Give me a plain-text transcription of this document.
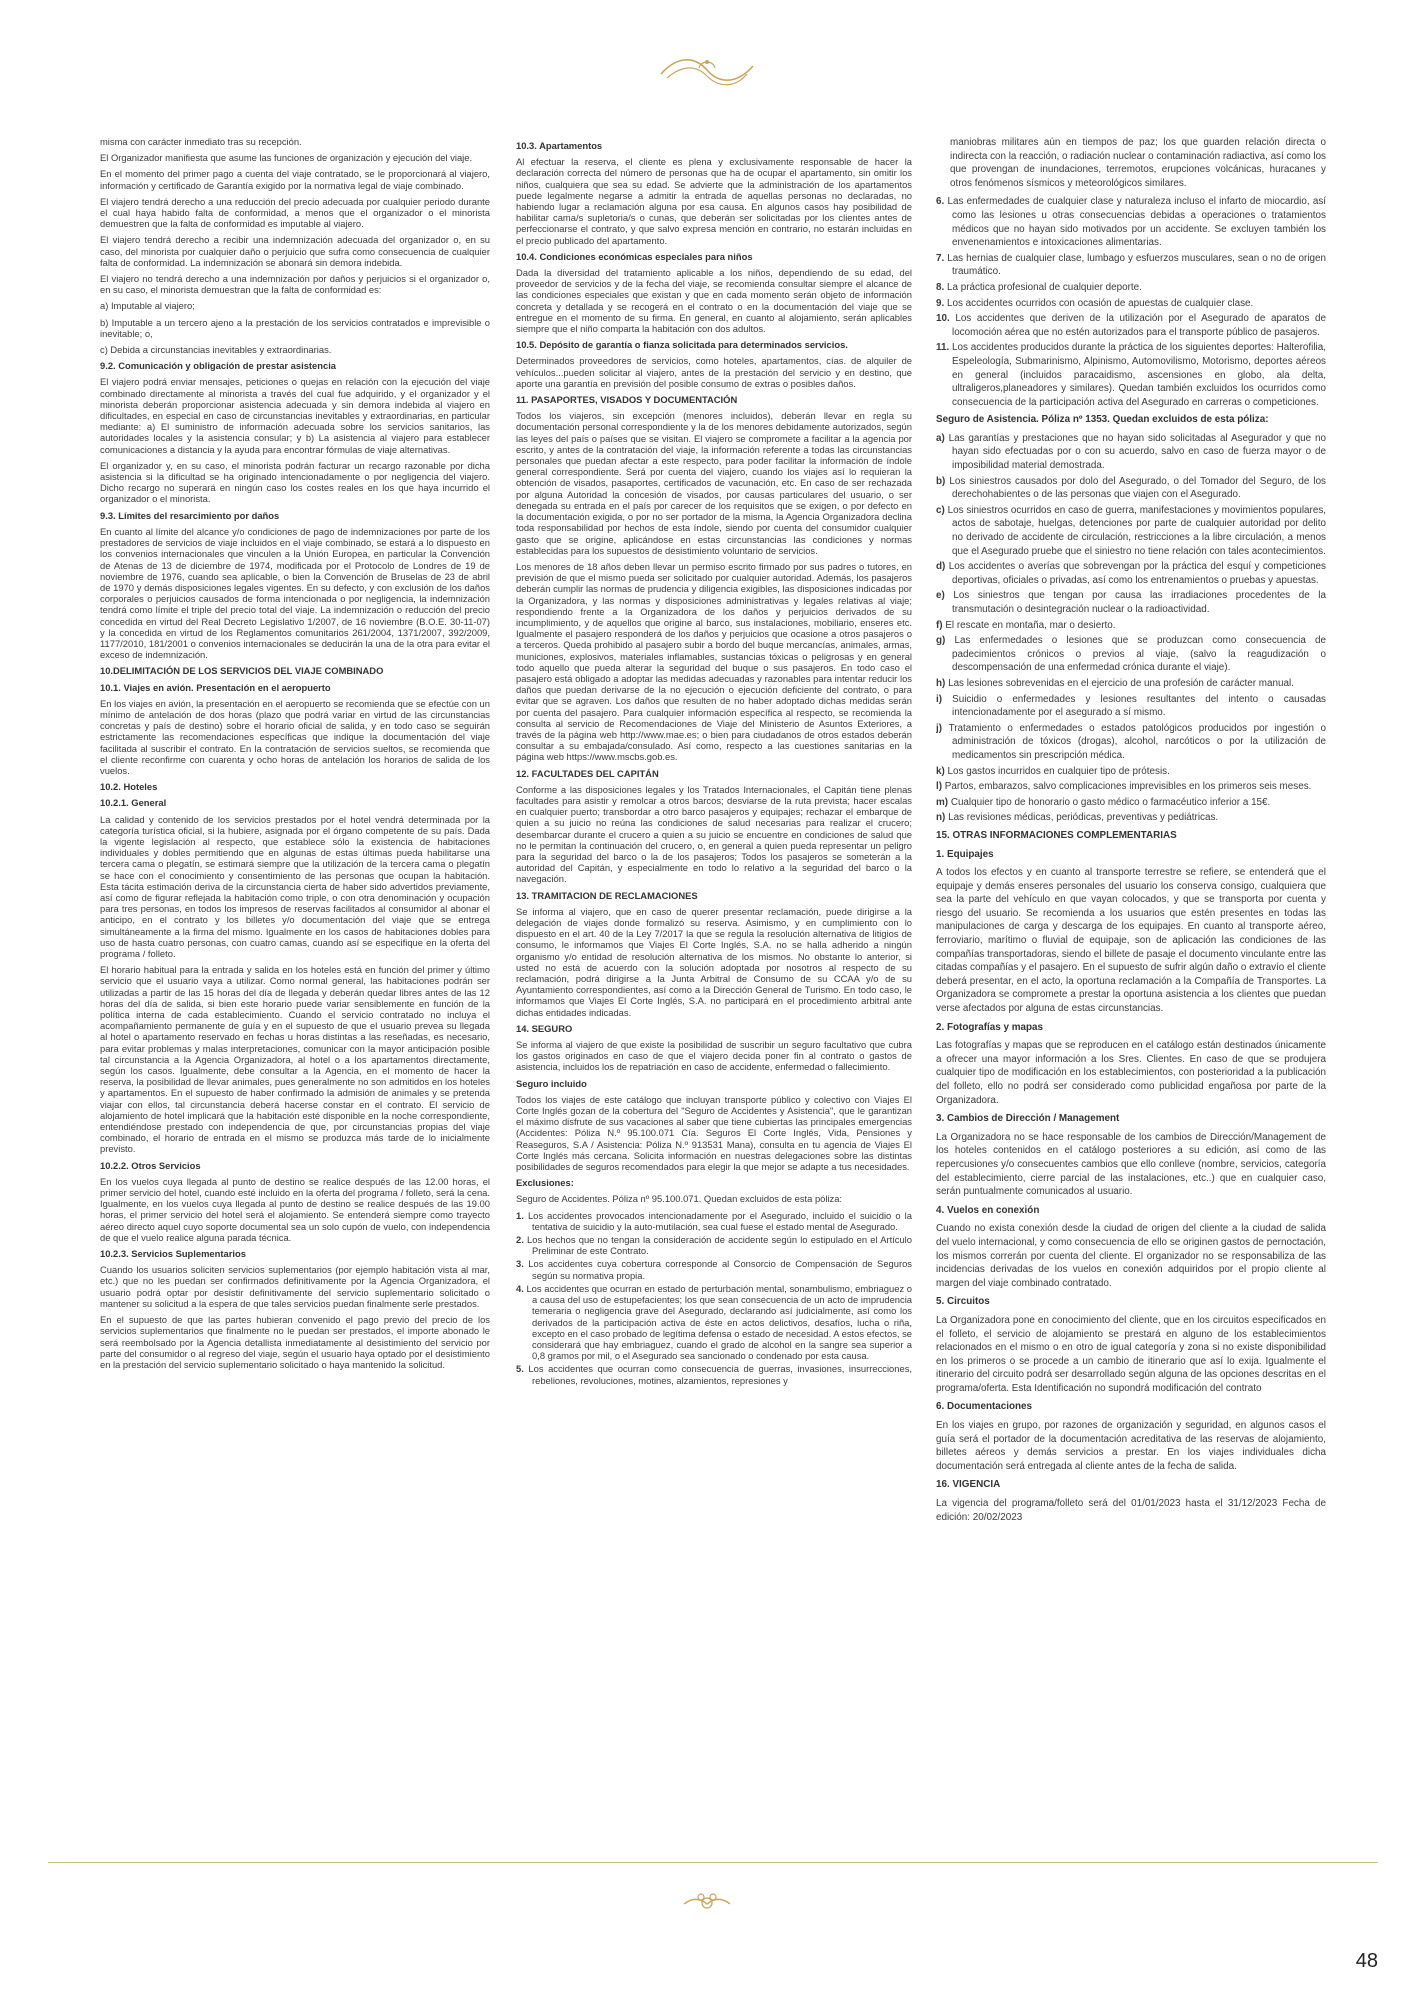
misma con carácter inmediato tras su recepción.

El Organizador manifiesta que asume las funciones de organización y ejecución del viaje.

En el momento del primer pago a cuenta del viaje contratado, se le proporcionará al viajero, información y certificado de Garantía exigido por la normativa legal de viaje combinado.

El viajero tendrá derecho a una reducción del precio adecuada por cualquier periodo durante el cual haya habido falta de conformidad, a menos que el organizador o el minorista demuestren que la falta de conformidad es imputable al viajero.

El viajero tendrá derecho a recibir una indemnización adecuada del organizador o, en su caso, del minorista por cualquier daño o perjuicio que sufra como consecuencia de cualquier falta de conformidad. La indemnización se abonará sin demora indebida.

El viajero no tendrá derecho a una indemnización por daños y perjuicios si el organizador o, en su caso, el minorista demuestran que la falta de conformidad es:

a) Imputable al viajero;

b) Imputable a un tercero ajeno a la prestación de los servicios contratados e imprevisible o inevitable; o,

c) Debida a circunstancias inevitables y extraordinarias.

9.2. Comunicación y obligación de prestar asistencia

El viajero podrá enviar mensajes, peticiones o quejas en relación con la ejecución del viaje combinado directamente al minorista a través del cual fue adquirido, y el organizador y el minorista deberán proporcionar asistencia adecuada y sin demora indebida al viajero en dificultades, en especial en caso de circunstancias inevitables y extraordinarias, en particular mediante: a) El suministro de información adecuada sobre los servicios sanitarios, las autoridades locales y la asistencia consular; y b) La asistencia al viajero para establecer comunicaciones a distancia y la ayuda para encontrar fórmulas de viaje alternativas.

El organizador y, en su caso, el minorista podrán facturar un recargo razonable por dicha asistencia si la dificultad se ha originado intencionadamente o por negligencia del viajero. Dicho recargo no superará en ningún caso los costes reales en los que haya incurrido el organizador o el minorista.

9.3. Límites del resarcimiento por daños

En cuanto al límite del alcance y/o condiciones de pago de indemnizaciones por parte de los prestadores de servicios de viaje incluidos en el viaje combinado, se estará a lo dispuesto en los convenios internacionales que vinculen a la Unión Europea, en particular la Convención de Atenas de 13 de diciembre de 1974, modificada por el Protocolo de Londres de 19 de noviembre de 1976, cuando sea aplicable, o bien la Convención de Bruselas de 23 de abril de 1970 y demás disposiciones legales vigentes. En su defecto, y con exclusión de los daños corporales o perjuicios causados de forma intencionada o por negligencia, la indemnización tendrá como límite el triple del precio total del viaje. La indemnización o reducción del precio concedida en virtud del Real Decreto Legislativo 1/2007, de 16 noviembre (B.O.E. 30-11-07) y la concedida en virtud de los Reglamentos comunitarios 261/2004, 1371/2007, 392/2009, 1177/2010, 181/2001 o convenios internacionales se deducirán la una de la otra para evitar el exceso de indemnización.

10.DELIMITACIÓN DE LOS SERVICIOS DEL VIAJE COMBINADO

10.1. Viajes en avión. Presentación en el aeropuerto

En los viajes en avión, la presentación en el aeropuerto se recomienda que se efectúe con un mínimo de antelación de dos horas (plazo que podrá variar en virtud de las circunstancias concretas y país de destino) sobre el horario oficial de salida, y en todo caso se seguirán estrictamente las recomendaciones específicas que indique la documentación del viaje facilitada al suscribir el contrato. En la contratación de servicios sueltos, se recomienda que el cliente reconfirme con cuarenta y ocho horas de antelación los horarios de salida de los vuelos.

10.2. Hoteles

10.2.1. General

La calidad y contenido de los servicios prestados por el hotel vendrá determinada por la categoría turística oficial, si la hubiere, asignada por el órgano competente de su país. Dada la vigente legislación al respecto, que establece sólo la existencia de habitaciones individuales y dobles permitiendo que en algunas de estas últimas pueda habilitarse una tercera cama o plegatín, se estimará siempre que la utilización de la tercera cama o plegatín se hace con el conocimiento y consentimiento de las personas que ocupan la habitación. Esta tácita estimación deriva de la circunstancia cierta de haber sido advertidos previamente, así como de figurar reflejada la habitación como triple, o con otra denominación y ocupación para tres personas, en todos los impresos de reservas facilitados al consumidor al abonar el anticipo, en el contrato y los billetes y/o documentación del viaje que se entrega simultáneamente a la firma del mismo. Igualmente en los casos de habitaciones dobles para uso de hasta cuatro personas, con cuatro camas, cuando así se especifique en la oferta del programa / folleto.

El horario habitual para la entrada y salida en los hoteles está en función del primer y último servicio que el usuario vaya a utilizar. Como normal general, las habitaciones podrán ser utilizadas a partir de las 15 horas del día de llegada y deberán quedar libres antes de las 12 horas del día de salida, si bien este horario puede variar sensiblemente en función de la política interna de cada establecimiento. Cuando el servicio contratado no incluya el acompañamiento permanente de guía y en el supuesto de que el usuario prevea su llegada al hotel o apartamento reservado en fechas u horas distintas a las reseñadas, es necesario, para evitar problemas y malas interpretaciones, comunicar con la mayor anticipación posible tal circunstancia a la Agencia Organizadora, al hotel o a los apartamentos directamente, según los casos. Igualmente, debe consultar a la Agencia, en el momento de hacer la reserva, la posibilidad de llevar animales, pues generalmente no son admitidos en los hoteles y apartamentos. En el supuesto de haber confirmado la admisión de animales y se pretenda viajar con ellos, tal circunstancia deberá hacerse constar en el contrato. El servicio de alojamiento de hotel implicará que la habitación esté disponible en la noche correspondiente, entendiéndose prestado con independencia de que, por circunstancias propias del viaje combinado, el horario de entrada en el mismo se produzca más tarde de lo inicialmente previsto.

10.2.2. Otros Servicios

En los vuelos cuya llegada al punto de destino se realice después de las 12.00 horas, el primer servicio del hotel, cuando esté incluido en la oferta del programa / folleto, será la cena. Igualmente, en los vuelos cuya llegada al punto de destino se realice después de las 19.00 horas, el primer servicio del hotel será el alojamiento. Se entenderá siempre como trayecto aéreo directo aquel cuyo soporte documental sea un solo cupón de vuelo, con independencia de que el vuelo realice alguna parada técnica.

10.2.3. Servicios Suplementarios

Cuando los usuarios soliciten servicios suplementarios (por ejemplo habitación vista al mar, etc.) que no les puedan ser confirmados definitivamente por la Agencia Organizadora, el usuario podrá optar por desistir definitivamente del servicio suplementario solicitado o mantener su solicitud a la espera de que tales servicios puedan finalmente serle prestados.

En el supuesto de que las partes hubieran convenido el pago previo del precio de los servicios suplementarios que finalmente no le puedan ser prestados, el importe abonado le será reembolsado por la Agencia detallista inmediatamente al desistimiento del servicio por parte del consumidor o al regreso del viaje, según el usuario haya optado por el desistimiento en la prestación del servicio suplementario solicitado o haya mantenido la solicitud.

10.3. Apartamentos

Al efectuar la reserva, el cliente es plena y exclusivamente responsable de hacer la declaración correcta del número de personas que ha de ocupar el apartamento, sin omitir los niños, cualquiera que sea su edad. Se advierte que la administración de los apartamentos puede legalmente negarse a admitir la entrada de aquellas personas no declaradas, no habiendo lugar a reclamación alguna por esa causa. En algunos casos hay posibilidad de habilitar cama/s supletoria/s o cunas, que deberán ser solicitadas por los clientes antes de perfeccionarse el contrato, y que salvo expresa mención en contrario, no estarán incluidas en el precio publicado del apartamento.

10.4. Condiciones económicas especiales para niños

Dada la diversidad del tratamiento aplicable a los niños, dependiendo de su edad, del proveedor de servicios y de la fecha del viaje, se recomienda consultar siempre el alcance de las condiciones especiales que existan y que en cada momento serán objeto de información concreta y detallada y se recogerá en el contrato o en la documentación del viaje que se entregue en el momento de su firma. En general, en cuanto al alojamiento, serán aplicables siempre que el niño comparta la habitación con dos adultos.

10.5. Depósito de garantía o fianza solicitada para determinados servicios.

Determinados proveedores de servicios, como hoteles, apartamentos, cías. de alquiler de vehículos...pueden solicitar al viajero, antes de la prestación del servicio y en destino, que aporte una garantía en previsión del posible consumo de extras o posibles daños.

11. PASAPORTES, VISADOS Y DOCUMENTACIÓN

Todos los viajeros, sin excepción (menores incluidos), deberán llevar en regla su documentación personal correspondiente y la de los menores debidamente autorizados, según las leyes del país o países que se visitan. El viajero se compromete a facilitar a la agencia por escrito, y antes de la contratación del viaje, la información referente a todas las circunstancias personales que puedan afectar a este respecto, para poder facilitar la información de índole general correspondiente. Será por cuenta del viajero, cuando los viajes así lo requieran la obtención de visados, pasaportes, certificados de vacunación, etc. En caso de ser rechazada por alguna Autoridad la concesión de visados, por causas particulares del usuario, o ser denegada su entrada en el país por carecer de los requisitos que se exigen, o por defecto en la documentación exigida, o por no ser portador de la misma, la Agencia Organizadora declina toda responsabilidad por hechos de esta índole, siendo por cuenta del consumidor cualquier gasto que se origine, aplicándose en estas circunstancias las condiciones y normas establecidas para los supuestos de desistimiento voluntario de servicios.

Los menores de 18 años deben llevar un permiso escrito firmado por sus padres o tutores, en previsión de que el mismo pueda ser solicitado por cualquier autoridad. Además, los pasajeros deberán cumplir las normas de prudencia y diligencia exigibles, las disposiciones indicadas por la Organizadora, y las normas y disposiciones administrativas y legales relativas al viaje; respondiendo frente a la Organizadora de los daños y perjuicios derivados de su incumplimiento, y de aquellos que origine al barco, sus instalaciones, mobiliario, enseres etc. Igualmente el pasajero responderá de los daños y perjuicios que ocasione a otros pasajeros o a terceros. Queda prohibido al pasajero subir a bordo del buque mercancías, animales, armas, municiones, explosivos, materiales inflamables, sustancias tóxicas o peligrosas y en general todo aquello que pueda alterar la seguridad del buque o sus pasajeros. En todo caso el pasajero está obligado a adoptar las medidas adecuadas y razonables para intentar reducir los daños que puedan derivarse de la no ejecución o ejecución deficiente del contrato, o para evitar que se agraven. Los daños que resulten de no haber adoptado dichas medidas serán por cuenta del pasajero. Para cualquier información específica al respecto, se recomienda la consulta al servicio de Recomendaciones de Viaje del Ministerio de Asuntos Exteriores, a través de la página web http://www.mae.es; o bien para ciudadanos de otros estados deberán consultar a su embajada/consulado. Así como, respecto a las cuestiones sanitarias en la página web https://www.mscbs.gob.es.

12. FACULTADES DEL CAPITÁN

Conforme a las disposiciones legales y los Tratados Internacionales, el Capitán tiene plenas facultades para asistir y remolcar a otros barcos; desviarse de la ruta prevista; hacer escalas en cualquier puerto; transbordar a otro barco pasajeros y equipajes; rechazar el embarque de quien a su juicio no reúna las condiciones de salud necesarias para realizar el crucero; desembarcar durante el crucero a quien a su juicio se encuentre en condiciones de salud que no le permitan la continuación del crucero, o, en general a quien pueda representar un peligro para la seguridad del barco o la de los pasajeros; Todos los pasajeros se someterán a la autoridad del Capitán, y especialmente en todo lo relativo a la seguridad del barco o la navegación.

13. TRAMITACION DE RECLAMACIONES

Se informa al viajero, que en caso de querer presentar reclamación, puede dirigirse a la delegación de viajes donde formalizó su reserva. Asimismo, y en cumplimiento con lo dispuesto en el art. 40 de la Ley 7/2017 la que se regula la resolución alternativa de litigios de consumo, le informamos que Viajes El Corte Inglés, S.A. no se halla adherido a ningún organismo y/o entidad de resolución alternativa de los mismos. No obstante lo anterior, si usted no está de acuerdo con la solución adoptada por nosotros al respecto de su reclamación, podrá dirigirse a la Junta Arbitral de Consumo de su CCAA y/o de su Ayuntamiento correspondientes, así como a la Dirección General de Turismo. En todo caso, le informamos que Viajes El Corte Inglés, S.A. no participará en el procedimiento arbitral ante dichas entidades indicadas.

14. SEGURO

Se informa al viajero de que existe la posibilidad de suscribir un seguro facultativo que cubra los gastos originados en caso de que el viajero decida poner fin al contrato o gastos de asistencia, incluidos los de repatriación en caso de accidente, enfermedad o fallecimiento.

Seguro incluido

Todos los viajes de este catálogo que incluyan transporte público y colectivo con Viajes El Corte Inglés gozan de la cobertura del "Seguro de Accidentes y Asistencia", que le garantizan el máximo disfrute de sus vacaciones al saber que tiene cubiertas las principales emergencias (Accidentes: Póliza N.º 95.100.071 Cía. Seguros El Corte Inglés, Vida, Pensiones y Reaseguros, S.A / Asistencia: Póliza N.º 913531 Mana), consulta en tu agencia de Viajes El Corte Inglés más cercana. Solicita información en nuestras delegaciones sobre las distintas posibilidades de seguros recomendados para elegir la que mejor se adapte a tus necesidades.

Exclusiones:

Seguro de Accidentes. Póliza nº 95.100.071. Quedan excluidos de esta póliza:

1. Los accidentes provocados intencionadamente por el Asegurado, incluido el suicidio o la tentativa de suicidio y la auto-mutilación, sea cual fuese el estado mental de Asegurado.

2. Los hechos que no tengan la consideración de accidente según lo estipulado en el Artículo Preliminar de este Contrato.

3. Los accidentes cuya cobertura corresponde al Consorcio de Compensación de Seguros según su normativa propia.

4. Los accidentes que ocurran en estado de perturbación mental, sonambulismo, embriaguez o a causa del uso de estupefacientes; los que sean consecuencia de un acto de imprudencia temeraria o negligencia grave del Asegurado, declarando así judicialmente, así como los derivados de la participación activa de éste en actos delictivos, desafíos, lucha o riña, excepto en el caso probado de legítima defensa o estado de necesidad. A estos efectos, se considerará que hay embriaguez, cuando el grado de alcohol en la sangre sea superior a 0,8 gramos por mil, o el Asegurado sea sancionado o condenado por esta causa.

5. Los accidentes que ocurran como consecuencia de guerras, invasiones, insurrecciones, rebeliones, revoluciones, motines, alzamientos, represiones y

maniobras militares aún en tiempos de paz; los que guarden relación directa o indirecta con la reacción, o radiación nuclear o contaminación radiactiva, así como los que provengan de inundaciones, terremotos, erupciones volcánicas, huracanes y otros fenómenos sísmicos y meteorológicos similares.

6. Las enfermedades de cualquier clase y naturaleza incluso el infarto de miocardio, así como las lesiones u otras consecuencias debidas a operaciones o tratamientos médicos que no hayan sido motivados por un accidente. Se excluyen también los envenenamientos e intoxicaciones alimentarias.

7. Las hernias de cualquier clase, lumbago y esfuerzos musculares, sean o no de origen traumático.

8. La práctica profesional de cualquier deporte.

9. Los accidentes ocurridos con ocasión de apuestas de cualquier clase.

10. Los accidentes que deriven de la utilización por el Asegurado de aparatos de locomoción aérea que no estén autorizados para el transporte público de pasajeros.

11. Los accidentes producidos durante la práctica de los siguientes deportes: Halterofilia, Espeleología, Submarinismo, Alpinismo, Automovilismo, Motorismo, deportes aéreos en general (incluidos paracaidismo, ascensiones en globo, ala delta, ultraligeros,planeadores y similares). Quedan también excluidos los ocurridos como consecuencia de la participación activa del Asegurado en carreras o competiciones.

Seguro de Asistencia. Póliza nº 1353. Quedan excluidos de esta póliza:

a) Las garantías y prestaciones que no hayan sido solicitadas al Asegurador y que no hayan sido efectuadas por o con su acuerdo, salvo en caso de fuerza mayor o de imposibilidad material demostrada.

b) Los siniestros causados por dolo del Asegurado, o del Tomador del Seguro, de los derechohabientes o de las personas que viajen con el Asegurado.

c) Los siniestros ocurridos en caso de guerra, manifestaciones y movimientos populares, actos de sabotaje, huelgas, detenciones por parte de cualquier autoridad por delito no derivado de accidente de circulación, restricciones a la libre circulación, a menos que el Asegurado pruebe que el siniestro no tiene relación con tales acontecimientos.

d) Los accidentes o averías que sobrevengan por la práctica del esquí y competiciones deportivas, oficiales o privadas, así como los entrenamientos o pruebas y apuestas.

e) Los siniestros que tengan por causa las irradiaciones procedentes de la transmutación o desintegración nuclear o la radioactividad.

f) El rescate en montaña, mar o desierto.

g) Las enfermedades o lesiones que se produzcan como consecuencia de padecimientos crónicos o previos al viaje, (salvo la reagudización o descompensación de una enfermedad crónica durante el viaje).

h) Las lesiones sobrevenidas en el ejercicio de una profesión de carácter manual.

i) Suicidio o enfermedades y lesiones resultantes del intento o causadas intencionadamente por el asegurado a sí mismo.

j) Tratamiento o enfermedades o estados patológicos producidos por ingestión o administración de tóxicos (drogas), alcohol, narcóticos o por la utilización de medicamentos sin prescripción médica.

k) Los gastos incurridos en cualquier tipo de prótesis.

l) Partos, embarazos, salvo complicaciones imprevisibles en los primeros seis meses.

m) Cualquier tipo de honorario o gasto médico o farmacéutico inferior a 15€.

n) Las revisiones médicas, periódicas, preventivas y pediátricas.

15. OTRAS INFORMACIONES COMPLEMENTARIAS

1. Equipajes

A todos los efectos y en cuanto al transporte terrestre se refiere, se entenderá que el equipaje y demás enseres personales del usuario los conserva consigo, cualquiera que sea la parte del vehículo en que vayan colocados, y que se transporta por cuenta y riesgo del usuario. Se recomienda a los usuarios que estén presentes en todas las manipulaciones de carga y descarga de los equipajes. En cuanto al transporte aéreo, ferroviario, marítimo o fluvial de equipaje, son de aplicación las condiciones de las compañías transportadoras, siendo el billete de pasaje el documento vinculante entre las citadas compañías y el pasajero. En el supuesto de sufrir algún daño o extravío el cliente deberá presentar, en el acto, la oportuna reclamación a la Compañía de Transportes. La Organizadora se compromete a prestar la oportuna asistencia a los clientes que puedan verse afectados por alguna de estas circunstancias.

2. Fotografías y mapas

Las fotografías y mapas que se reproducen en el catálogo están destinados únicamente a ofrecer una mayor información a los Sres. Clientes. En caso de que se produjera cualquier tipo de modificación en los establecimientos, con posterioridad a la publicación del folleto, ello no podrá ser considerado como publicidad engañosa por parte de la Organizadora.

3. Cambios de Dirección / Management

La Organizadora no se hace responsable de los cambios de Dirección/Management de los hoteles contenidos en el catálogo posteriores a su edición, así como de las repercusiones y/o consecuentes cambios que ello conlleve (nombre, servicios, categoría del establecimiento, cierre parcial de las instalaciones, etc..) que en cualquier caso, serán puntualmente comunicados al usuario.

4. Vuelos en conexión

Cuando no exista conexión desde la ciudad de origen del cliente a la ciudad de salida del vuelo internacional, y como consecuencia de ello se originen gastos de pernoctación, los mismos correrán por cuenta del cliente. El organizador no se responsabiliza de las incidencias derivadas de los vuelos en conexión adquiridos por el propio cliente al margen del viaje combinado contratado.

5. Circuitos

La Organizadora pone en conocimiento del cliente, que en los circuitos especificados en el folleto, el servicio de alojamiento se prestará en alguno de los establecimientos relacionados en el mismo o en otro de igual categoría y zona si no existe disponibilidad en los primeros o se procede a un cambio de itinerario que así lo exija. Igualmente el itinerario del circuito podrá ser desarrollado según alguna de las opciones descritas en el programa/oferta. Esta Identificación no supondrá modificación del contrato

6. Documentaciones

En los viajes en grupo, por razones de organización y seguridad, en algunos casos el guía será el portador de la documentación acreditativa de las reservas de alojamiento, billetes aéreos y demás servicios a prestar. En los viajes individuales dicha documentación será entregada al cliente antes de la fecha de salida.

16. VIGENCIA

La vigencia del programa/folleto será del 01/01/2023 hasta el 31/12/2023 Fecha de edición: 20/02/2023

48
